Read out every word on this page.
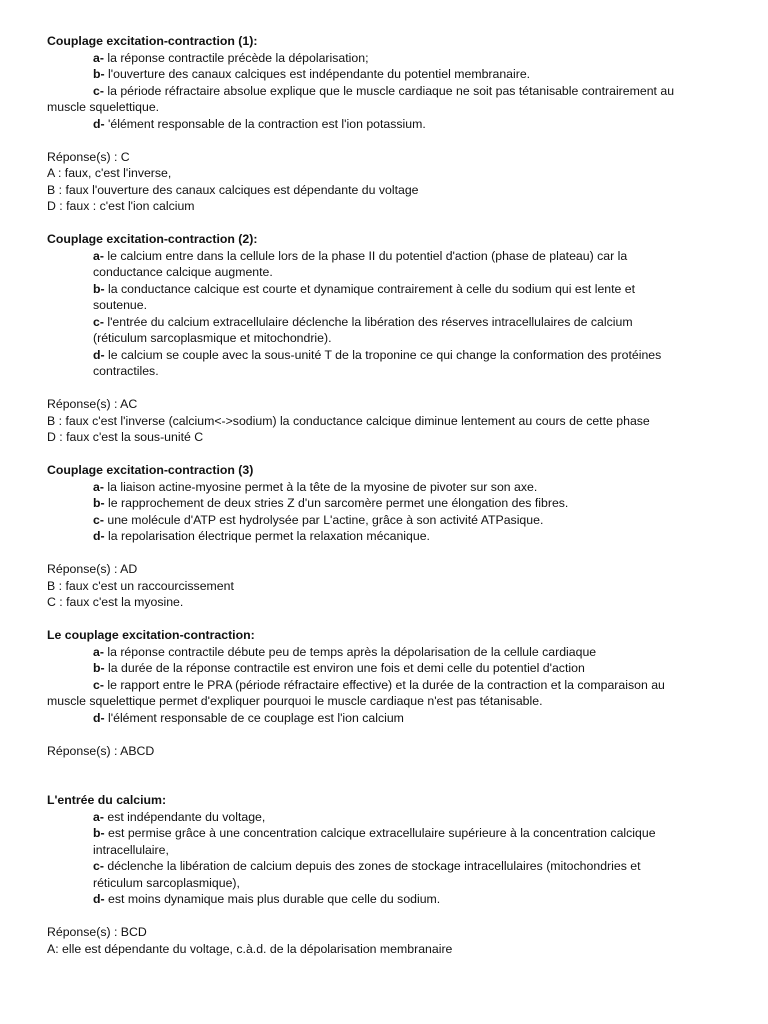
Couplage excitation-contraction (1):
a- la réponse contractile précède la dépolarisation;
b- l'ouverture des canaux calciques est indépendante du potentiel membranaire.
c- la période réfractaire absolue explique que le muscle cardiaque ne soit pas tétanisable contrairement au
muscle squelettique.
d- 'élément responsable de la contraction est l'ion potassium.
Réponse(s) : C
A : faux, c'est l'inverse,
B : faux l'ouverture des canaux calciques est dépendante du voltage
D : faux : c'est l'ion calcium
Couplage excitation-contraction (2):
a- le calcium entre dans la cellule lors de la phase II du potentiel d'action (phase de plateau) car la
conductance calcique augmente.
b- la conductance calcique est courte et dynamique contrairement à celle du sodium qui est lente et
soutenue.
c- l'entrée du calcium extracellulaire déclenche la libération des réserves intracellulaires de calcium
(réticulum sarcoplasmique et mitochondrie).
d- le calcium se couple avec la sous-unité T de la troponine ce qui change la conformation des protéines
contractiles.
Réponse(s) : AC
B : faux c'est l'inverse (calcium<->sodium) la conductance calcique diminue lentement au cours de cette phase
D : faux c'est la sous-unité C
Couplage excitation-contraction (3)
a- la liaison actine-myosine permet à la tête de la myosine de pivoter sur son axe.
b- le rapprochement de deux stries Z d'un sarcomère permet une élongation des fibres.
c- une molécule d'ATP est hydrolysée par L'actine, grâce à son activité ATPasique.
d- la repolarisation électrique permet la relaxation mécanique.
Réponse(s) : AD
B : faux c'est un raccourcissement
C : faux c'est la myosine.
Le couplage excitation-contraction:
a- la réponse contractile débute peu de temps après la dépolarisation de la cellule cardiaque
b- la durée de la réponse contractile est environ une fois et demi celle du potentiel d'action
c- le rapport entre le PRA (période réfractaire effective) et la durée de la contraction et la comparaison au
muscle squelettique permet d'expliquer pourquoi le muscle cardiaque n'est pas tétanisable.
d- l'élément responsable de ce couplage est l'ion calcium
Réponse(s) : ABCD
L'entrée du calcium:
a- est indépendante du voltage,
b- est permise grâce à une concentration calcique extracellulaire supérieure à la concentration calcique
intracellulaire,
c- déclenche la libération de calcium depuis des zones de stockage intracellulaires (mitochondries et
réticulum sarcoplasmique),
d- est moins dynamique mais plus durable que celle du sodium.
Réponse(s) : BCD
A: elle est dépendante du voltage, c.à.d. de la dépolarisation membranaire
